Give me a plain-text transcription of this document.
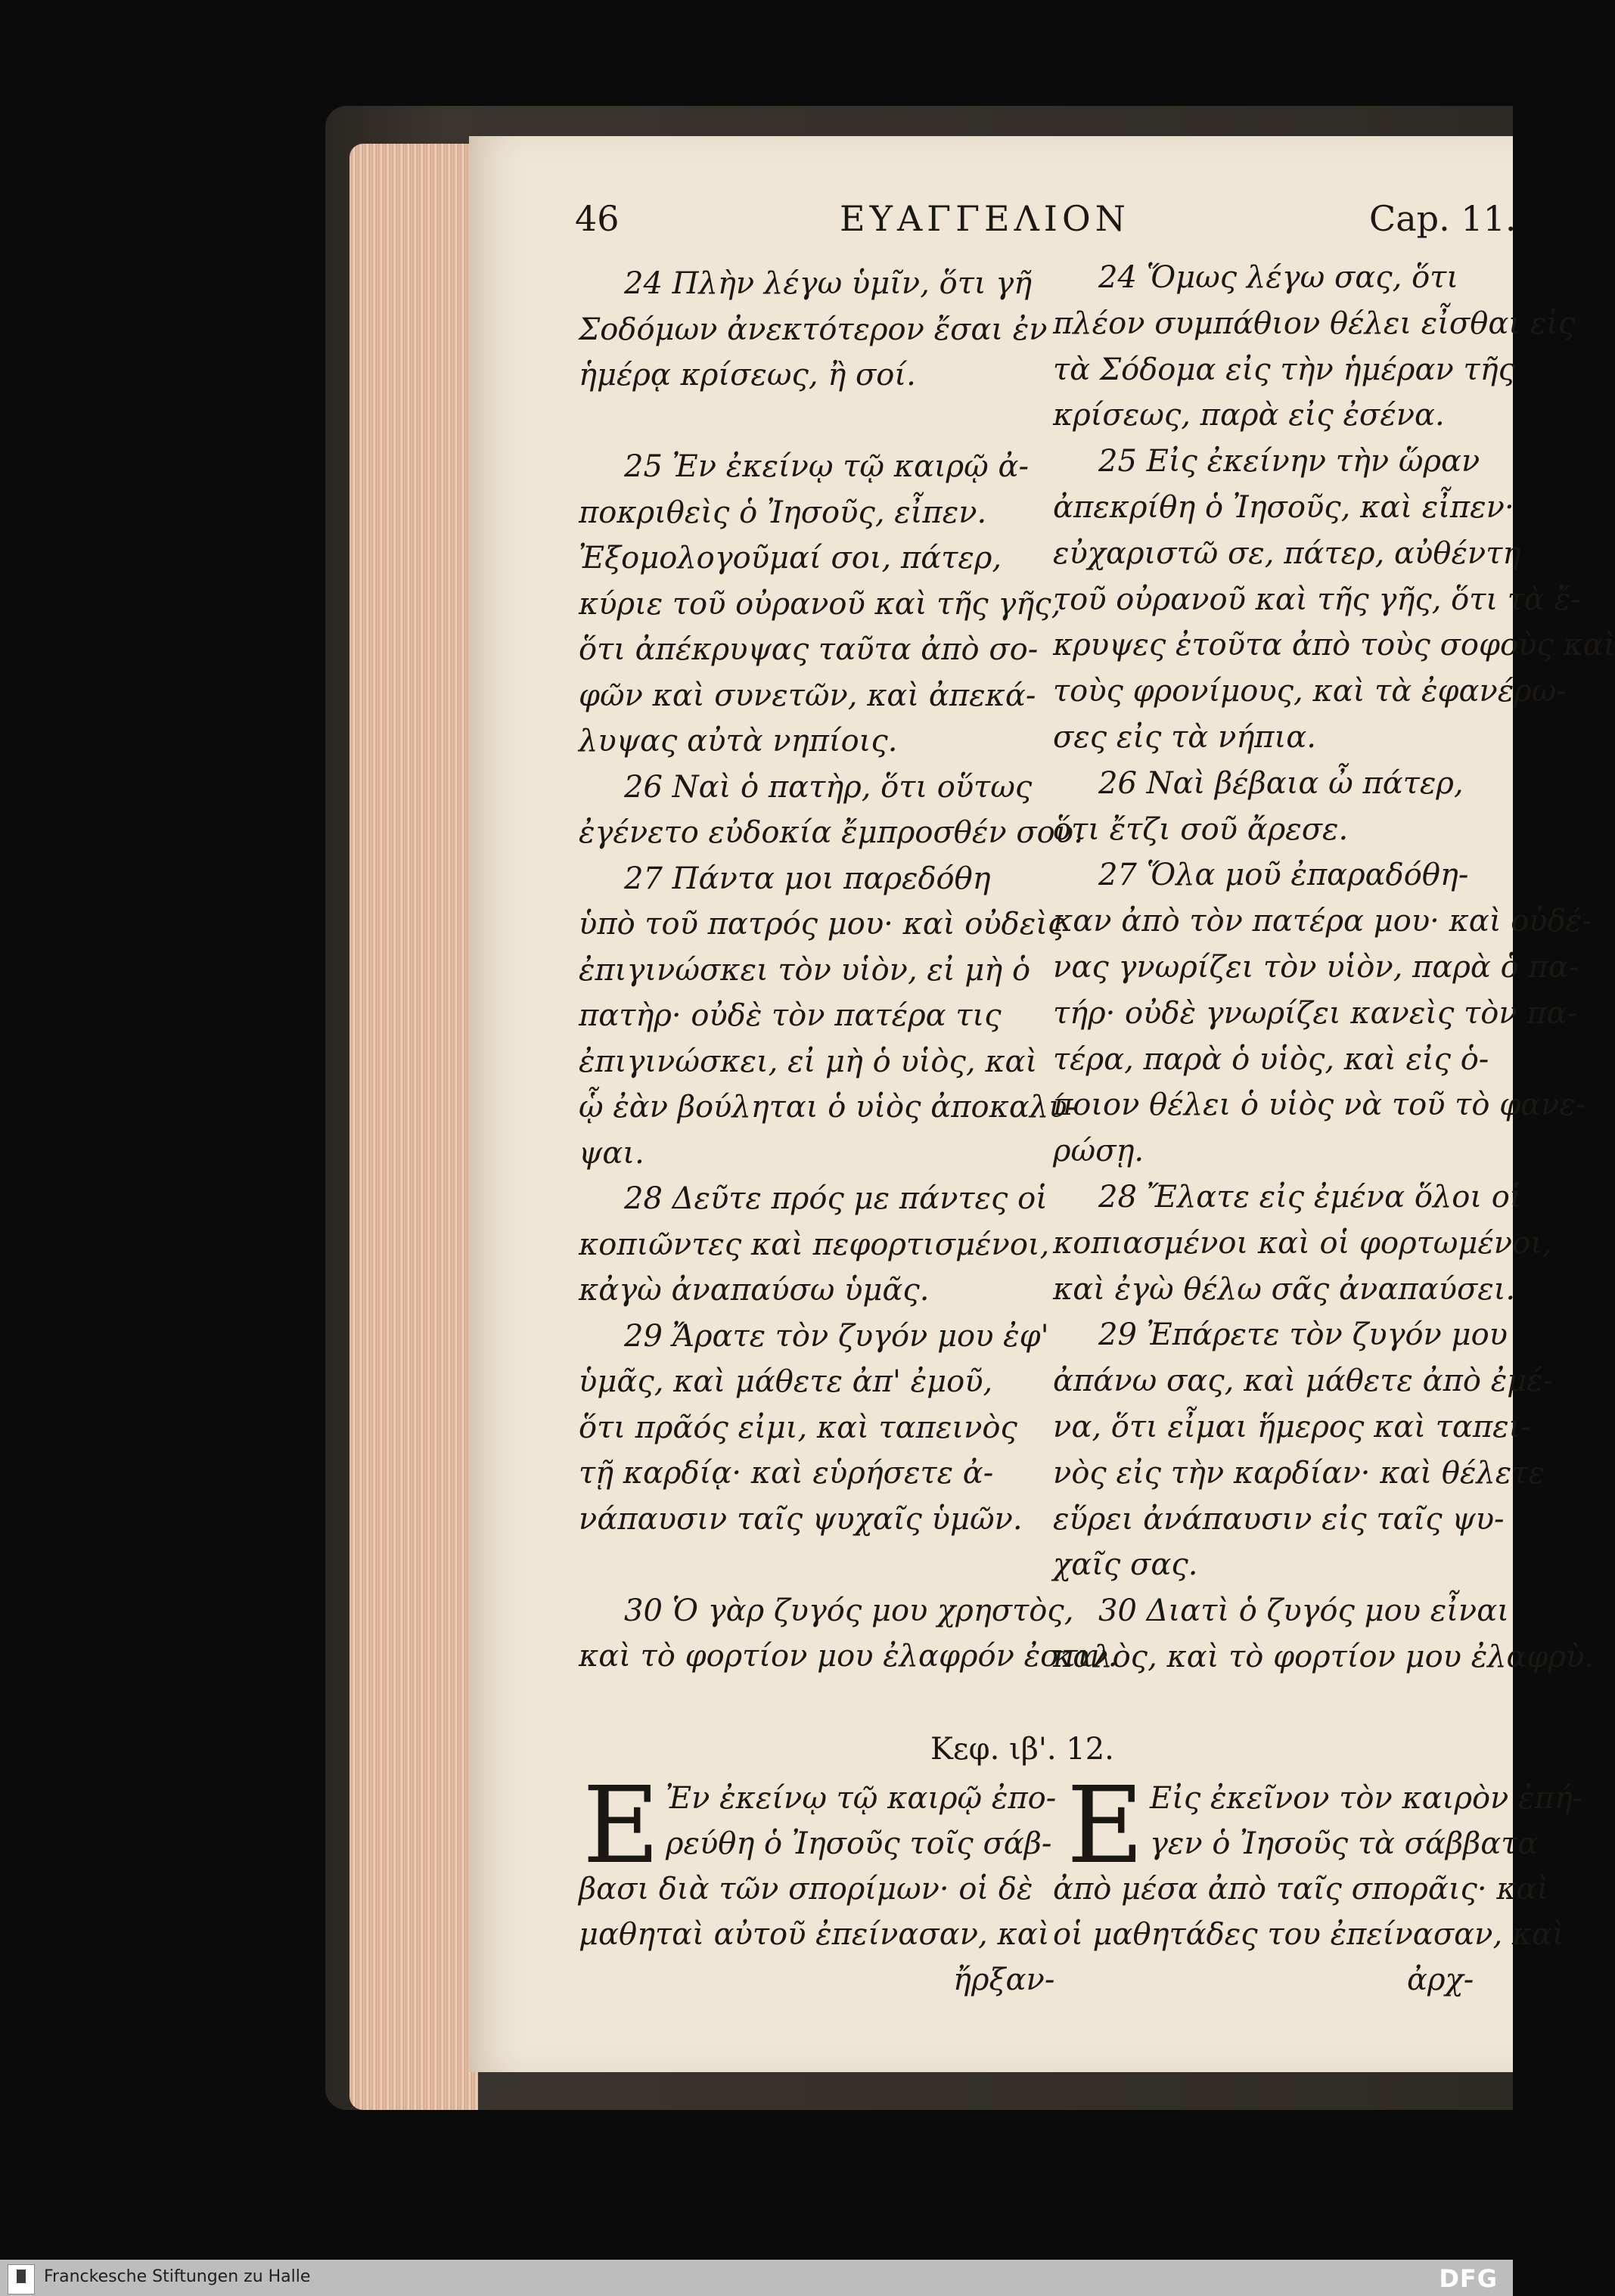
46	ΕΥΑΓΓΕΛΙΟΝ	Cap. 11.
24 Πλὴν λέγω ὑμῖν, ὅτι γῆ
Σοδόμων ἀνεκτότερον ἔσαι ἐν
ἡμέρᾳ κρίσεως, ἢ σοί.
25 Ἐν ἐκείνῳ τῷ καιρῷ ἀ-
ποκριθεὶς ὁ Ἰησοῦς, εἶπεν.
Ἐξομολογοῦμαί σοι, πάτερ,
κύριε τοῦ οὐρανοῦ καὶ τῆς γῆς,
ὅτι ἀπέκρυψας ταῦτα ἀπὸ σο-
φῶν καὶ συνετῶν, καὶ ἀπεκά-
λυψας αὐτὰ νηπίοις.
26 Ναὶ ὁ πατὴρ, ὅτι οὕτως
ἐγένετο εὐδοκία ἔμπροσθέν σου.
27 Πάντα μοι παρεδόθη
ὑπὸ τοῦ πατρός μου· καὶ οὐδεὶς
ἐπιγινώσκει τὸν υἱὸν, εἰ μὴ ὁ
πατὴρ· οὐδὲ τὸν πατέρα τις
ἐπιγινώσκει, εἰ μὴ ὁ υἱὸς, καὶ
ᾧ ἐὰν βούληται ὁ υἱὸς ἀποκαλύ-
ψαι.
28 Δεῦτε πρός με πάντες οἱ
κοπιῶντες καὶ πεφορτισμένοι,
κἀγὼ ἀναπαύσω ὑμᾶς.
29 Ἄρατε τὸν ζυγόν μου ἐφ'
ὑμᾶς, καὶ μάθετε ἀπ' ἐμοῦ,
ὅτι πρᾶός εἰμι, καὶ ταπεινὸς
τῇ καρδίᾳ· καὶ εὑρήσετε ἀ-
νάπαυσιν ταῖς ψυχαῖς ὑμῶν.
30 Ὁ γὰρ ζυγός μου χρηστὸς,
καὶ τὸ φορτίον μου ἐλαφρόν ἐστιν.
24 Ὅμως λέγω σας, ὅτι
πλέον συμπάθιον θέλει εἶσθαι εἰς
τὰ Σόδομα εἰς τὴν ἡμέραν τῆς
κρίσεως, παρὰ εἰς ἐσένα.
25 Εἰς ἐκείνην τὴν ὥραν
ἀπεκρίθη ὁ Ἰησοῦς, καὶ εἶπεν·
εὐχαριστῶ σε, πάτερ, αὐθέντη
τοῦ οὐρανοῦ καὶ τῆς γῆς, ὅτι τὰ ἔ-
κρυψες ἐτοῦτα ἀπὸ τοὺς σοφοὺς καὶ
τοὺς φρονίμους, καὶ τὰ ἐφανέρω-
σες εἰς τὰ νήπια.
26 Ναὶ βέβαια ὦ πάτερ,
ὅτι ἔτζι σοῦ ἄρεσε.
27 Ὅλα μοῦ ἐπαραδόθη-
καν ἀπὸ τὸν πατέρα μου· καὶ οὐδέ-
νας γνωρίζει τὸν υἱὸν, παρὰ ὁ πα-
τήρ· οὐδὲ γνωρίζει κανεὶς τὸν πα-
τέρα, παρὰ ὁ υἱὸς, καὶ εἰς ὁ-
ποιον θέλει ὁ υἱὸς νὰ τοῦ τὸ φανε-
ρώσῃ.
28 Ἔλατε εἰς ἐμένα ὅλοι οἱ
κοπιασμένοι καὶ οἱ φορτωμένοι,
καὶ ἐγὼ θέλω σᾶς ἀναπαύσει.
29 Ἐπάρετε τὸν ζυγόν μου
ἀπάνω σας, καὶ μάθετε ἀπὸ ἐμέ-
να, ὅτι εἶμαι ἥμερος καὶ ταπει-
νὸς εἰς τὴν καρδίαν· καὶ θέλετε
εὕρει ἀνάπαυσιν εἰς ταῖς ψυ-
χαῖς σας.
30 Διατὶ ὁ ζυγός μου εἶναι
καλὸς, καὶ τὸ φορτίον μου ἐλαφρὺ.
Κεφ. ιβ'. 12.
E	E
Ἐν ἐκείνῳ τῷ καιρῷ ἐπο-
ρεύθη ὁ Ἰησοῦς τοῖς σάβ-
βασι διὰ τῶν σπορίμων· οἱ δὲ
μαθηταὶ αὐτοῦ ἐπείνασαν, καὶ
ἤρξαν-
Εἰς ἐκεῖνον τὸν καιρὸν ἐπή-
γεν ὁ Ἰησοῦς τὰ σάββατα
ἀπὸ μέσα ἀπὸ ταῖς σπορᾶις· καὶ
οἱ μαθητάδες του ἐπείνασαν, καὶ
ἀρχ-
Franckesche Stiftungen zu Halle	DFG
